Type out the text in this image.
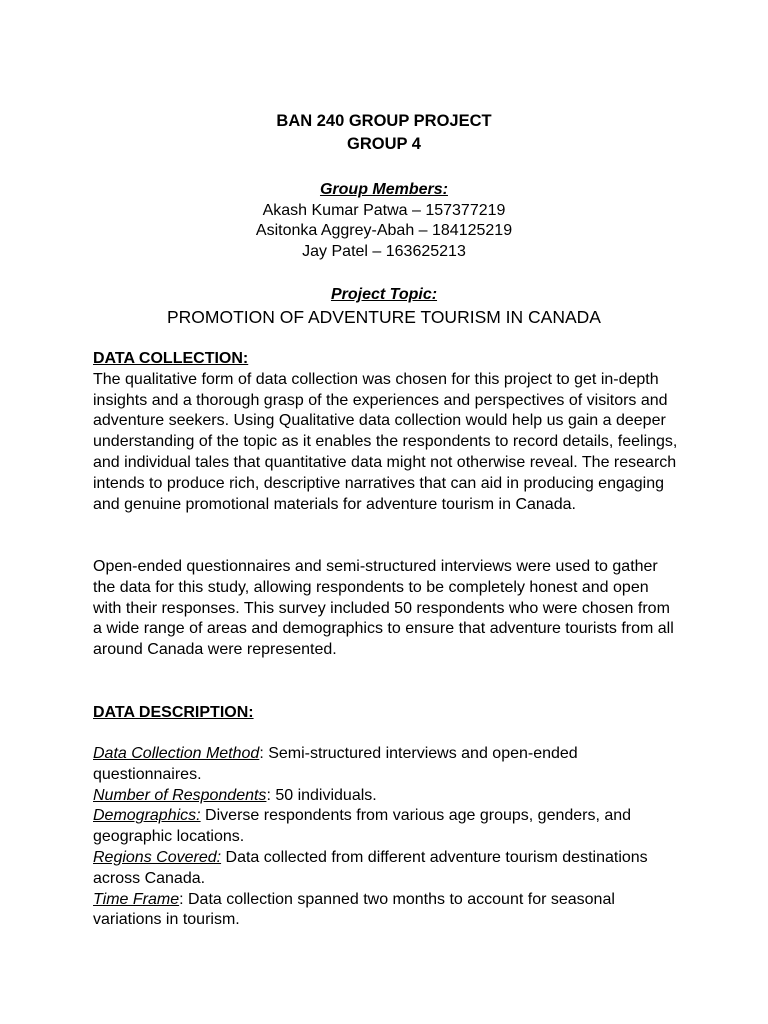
BAN 240 GROUP PROJECT
GROUP 4
Group Members:
Akash Kumar Patwa – 157377219
Asitonka Aggrey-Abah – 184125219
Jay Patel – 163625213
Project Topic:
PROMOTION OF ADVENTURE TOURISM IN CANADA
DATA COLLECTION:

The qualitative form of data collection was chosen for this project to get in-depth insights and a thorough grasp of the experiences and perspectives of visitors and adventure seekers. Using Qualitative data collection would help us gain a deeper understanding of the topic as it enables the respondents to record details, feelings, and individual tales that quantitative data might not otherwise reveal. The research intends to produce rich, descriptive narratives that can aid in producing engaging and genuine promotional materials for adventure tourism in Canada.

Open-ended questionnaires and semi-structured interviews were used to gather the data for this study, allowing respondents to be completely honest and open with their responses. This survey included 50 respondents who were chosen from a wide range of areas and demographics to ensure that adventure tourists from all around Canada were represented.

DATA DESCRIPTION:
Data Collection Method: Semi-structured interviews and open-ended questionnaires.
Number of Respondents: 50 individuals.
Demographics: Diverse respondents from various age groups, genders, and geographic locations.
Regions Covered: Data collected from different adventure tourism destinations across Canada.
Time Frame: Data collection spanned two months to account for seasonal variations in tourism.
